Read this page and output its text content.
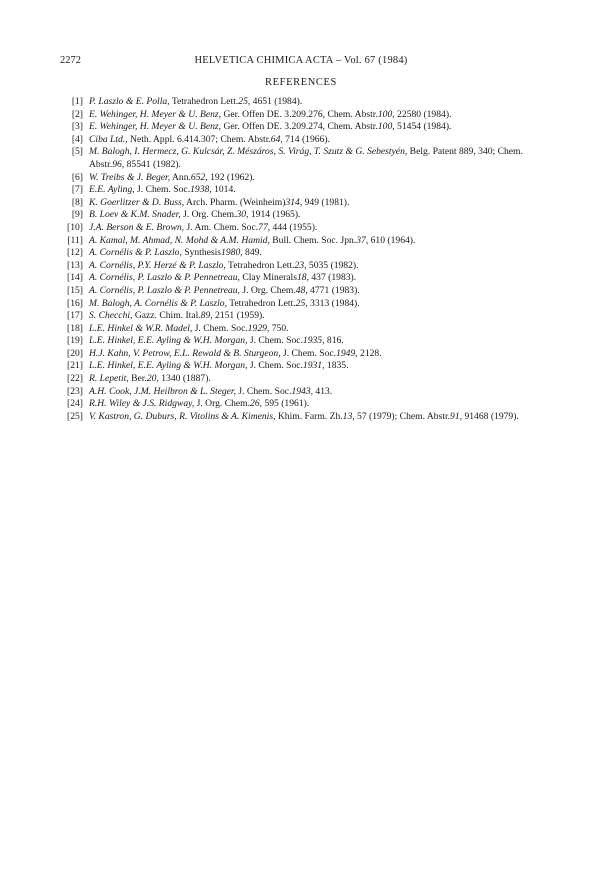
2272	HELVETICA CHIMICA ACTA – Vol. 67 (1984)
REFERENCES
[1] P. Laszlo & E. Polla, Tetrahedron Lett.25, 4651 (1984).
[2] E. Wehinger, H. Meyer & U. Benz, Ger. Offen DE. 3.209.276, Chem. Abstr.100, 22580 (1984).
[3] E. Wehinger, H. Meyer & U. Benz, Ger. Offen DE. 3.209.274, Chem. Abstr.100, 51454 (1984).
[4] Ciba Ltd., Neth. Appl. 6.414.307; Chem. Abstr.64, 714 (1966).
[5] M. Balogh, I. Hermecz, G. Kulcsár, Z. Mészáros, S. Virág, T. Szutz & G. Sebestyén, Belg. Patent 889, 340; Chem. Abstr.96, 85541 (1982).
[6] W. Treibs & J. Beger, Ann.652, 192 (1962).
[7] E.E. Ayling, J. Chem. Soc.1938, 1014.
[8] K. Goerlitzer & D. Buss, Arch. Pharm. (Weinheim)314, 949 (1981).
[9] B. Loev & K.M. Snader, J. Org. Chem.30, 1914 (1965).
[10] J.A. Berson & E. Brown, J. Am. Chem. Soc.77, 444 (1955).
[11] A. Kamal, M. Ahmad, N. Mohd & A.M. Hamid, Bull. Chem. Soc. Jpn.37, 610 (1964).
[12] A. Cornélis & P. Laszlo, Synthesis1980, 849.
[13] A. Cornélis, P.Y. Herzé & P. Laszlo, Tetrahedron Lett.23, 5035 (1982).
[14] A. Cornélis, P. Laszlo & P. Pennetreau, Clay Minerals18, 437 (1983).
[15] A. Cornélis, P. Laszlo & P. Pennetreau, J. Org. Chem.48, 4771 (1983).
[16] M. Balogh, A. Cornélis & P. Laszlo, Tetrahedron Lett.25, 3313 (1984).
[17] S. Checchi, Gazz. Chim. Ital.89, 2151 (1959).
[18] L.E. Hinkel & W.R. Madel, J. Chem. Soc.1929, 750.
[19] L.E. Hinkel, E.E. Ayling & W.H. Morgan, J. Chem. Soc.1935, 816.
[20] H.J. Kahn, V. Petrow, E.L. Rewald & B. Sturgeon, J. Chem. Soc.1949, 2128.
[21] L.E. Hinkel, E.E. Ayling & W.H. Morgan, J. Chem. Soc.1931, 1835.
[22] R. Lepetit, Ber.20, 1340 (1887).
[23] A.H. Cook, J.M. Heilbron & L. Steger, J. Chem. Soc.1943, 413.
[24] R.H. Wiley & J.S. Ridgway, J. Org. Chem.26, 595 (1961).
[25] V. Kastron, G. Duburs, R. Vitolins & A. Kimenis, Khim. Farm. Zh.13, 57 (1979); Chem. Abstr.91, 91468 (1979).
